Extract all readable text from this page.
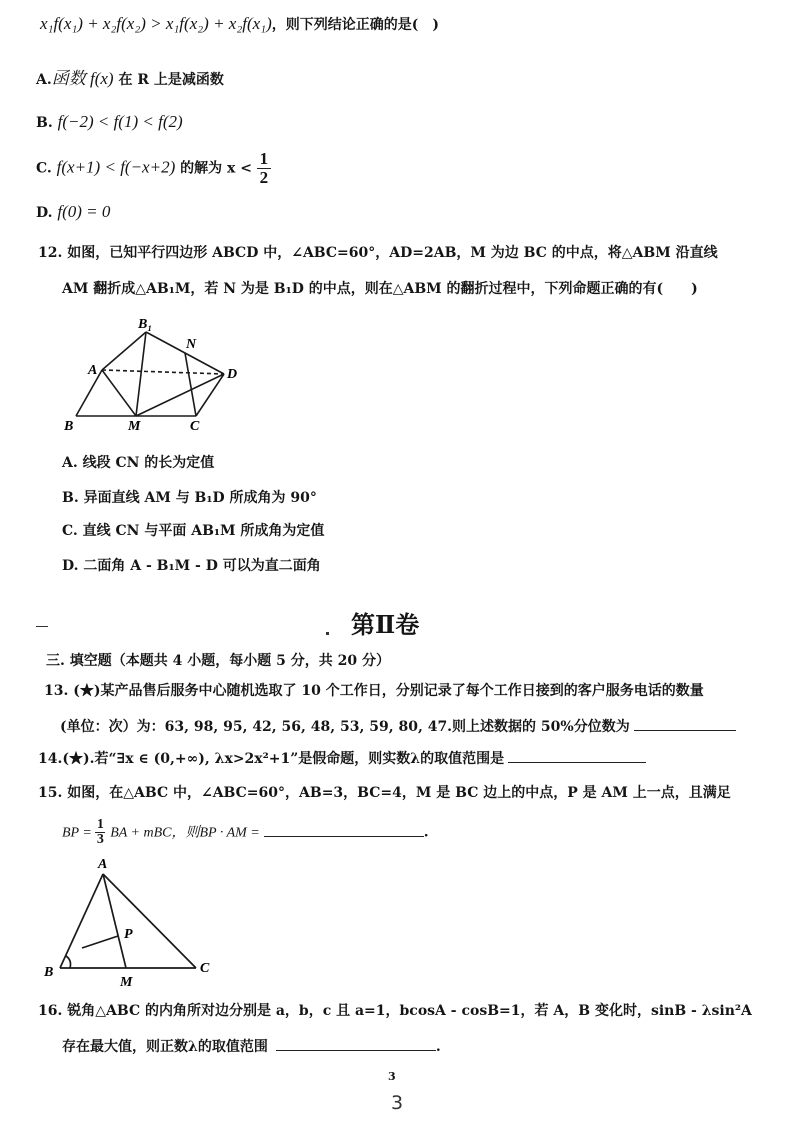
x₁f(x₁) + x₂f(x₂) > x₁f(x₂) + x₂f(x₁)，则下列结论正确的是(　)
A.函数 f(x) 在 R 上是减函数
B. f(−2) < f(1) < f(2)
C. f(x+1) < f(−x+2) 的解为 $x < \frac{1}{2}$
D. f(0) = 0
12. 如图，已知平行四边形 ABCD 中，∠ABC=60°，AD=2AB，M 为边 BC 的中点，将△ABM 沿直线
AM 翻折成△AB₁M，若 N 为是 B₁D 的中点，则在△ABM 的翻折过程中，下列命题正确的有(　　)
B₁
N
A	D
B	M	C
A. 线段 CN 的长为定值
B. 异面直线 AM 与 B₁D 所成角为 90°
C. 直线 CN 与平面 AB₁M 所成角为定值
D. 二面角 A - B₁M - D 可以为直二面角
第Ⅱ卷
三. 填空题（本题共 4 小题，每小题 5 分，共 20 分）
13. (★)某产品售后服务中心随机选取了 10 个工作日，分别记录了每个工作日接到的客户服务电话的数量
(单位：次）为：63, 98, 95, 42, 56, 48, 53, 59, 80, 47.则上述数据的 50%分位数为
14.(★).若“∃x ∈ (0,+∞), λx>2x²+1”是假命题，则实数λ的取值范围是
15. 如图，在△ABC 中，∠ABC=60°，AB=3，BC=4，M 是 BC 边上的中点，P 是 AM 上一点，且满足
BP = $\frac{1}{3}$ BA + mBC，则BP · AM =	.
A
P
B
M
C
16. 锐角△ABC 的内角所对边分别是 a，b，c 且 a=1，bcosA - cosB=1，若 A，B 变化时，sinB - λsin²A
存在最大值，则正数λ的取值范围	.
3
3
